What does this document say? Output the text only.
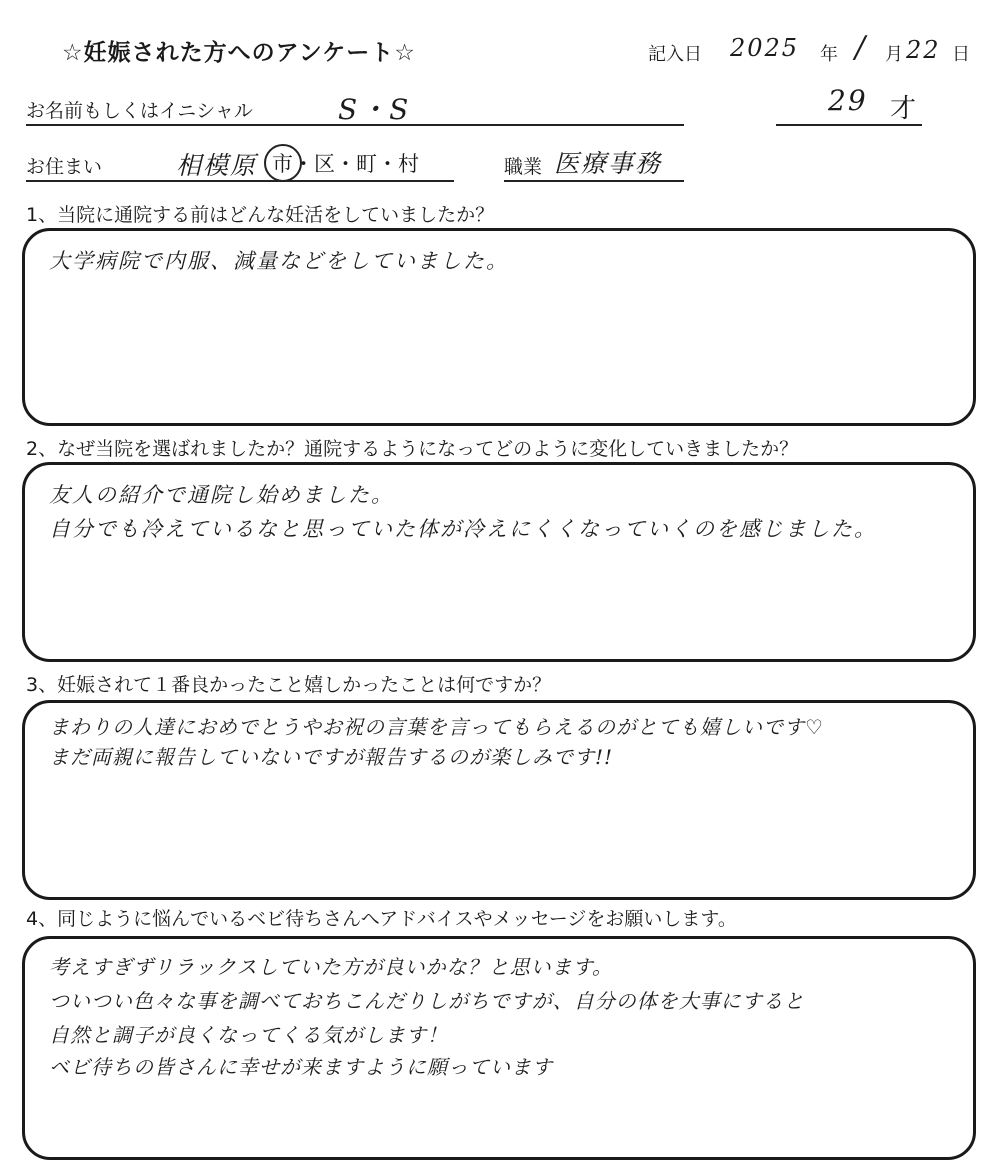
☆妊娠された方へのアンケート☆	記入日 2025 年 / 月 22 日
お名前もしくはイニシャル	S・S	29 才
お住まい	相模原 市・区・町・村	職業 医療事務
1、当院に通院する前はどんな妊活をしていましたか？
大学病院で内服、減量などをしていました。
2、なぜ当院を選ばれましたか？通院するようになってどのように変化していきましたか？
友人の紹介で通院し始めました。
自分でも冷えているなと思っていた体が冷えにくくなっていくのを感じました。
3、妊娠されて１番良かったこと嬉しかったことは何ですか？
まわりの人達におめでとうやお祝の言葉を言ってもらえるのがとても嬉しいです♡
まだ両親に報告していないですが報告するのが楽しみです!!
4、同じように悩んでいるベビ待ちさんへアドバイスやメッセージをお願いします。
考えすぎずリラックスしていた方が良いかな？と思います。
ついつい色々な事を調べておちこんだりしがちですが、自分の体を大事にすると
自然と調子が良くなってくる気がします！
ベビ待ちの皆さんに幸せが来ますように願っています
